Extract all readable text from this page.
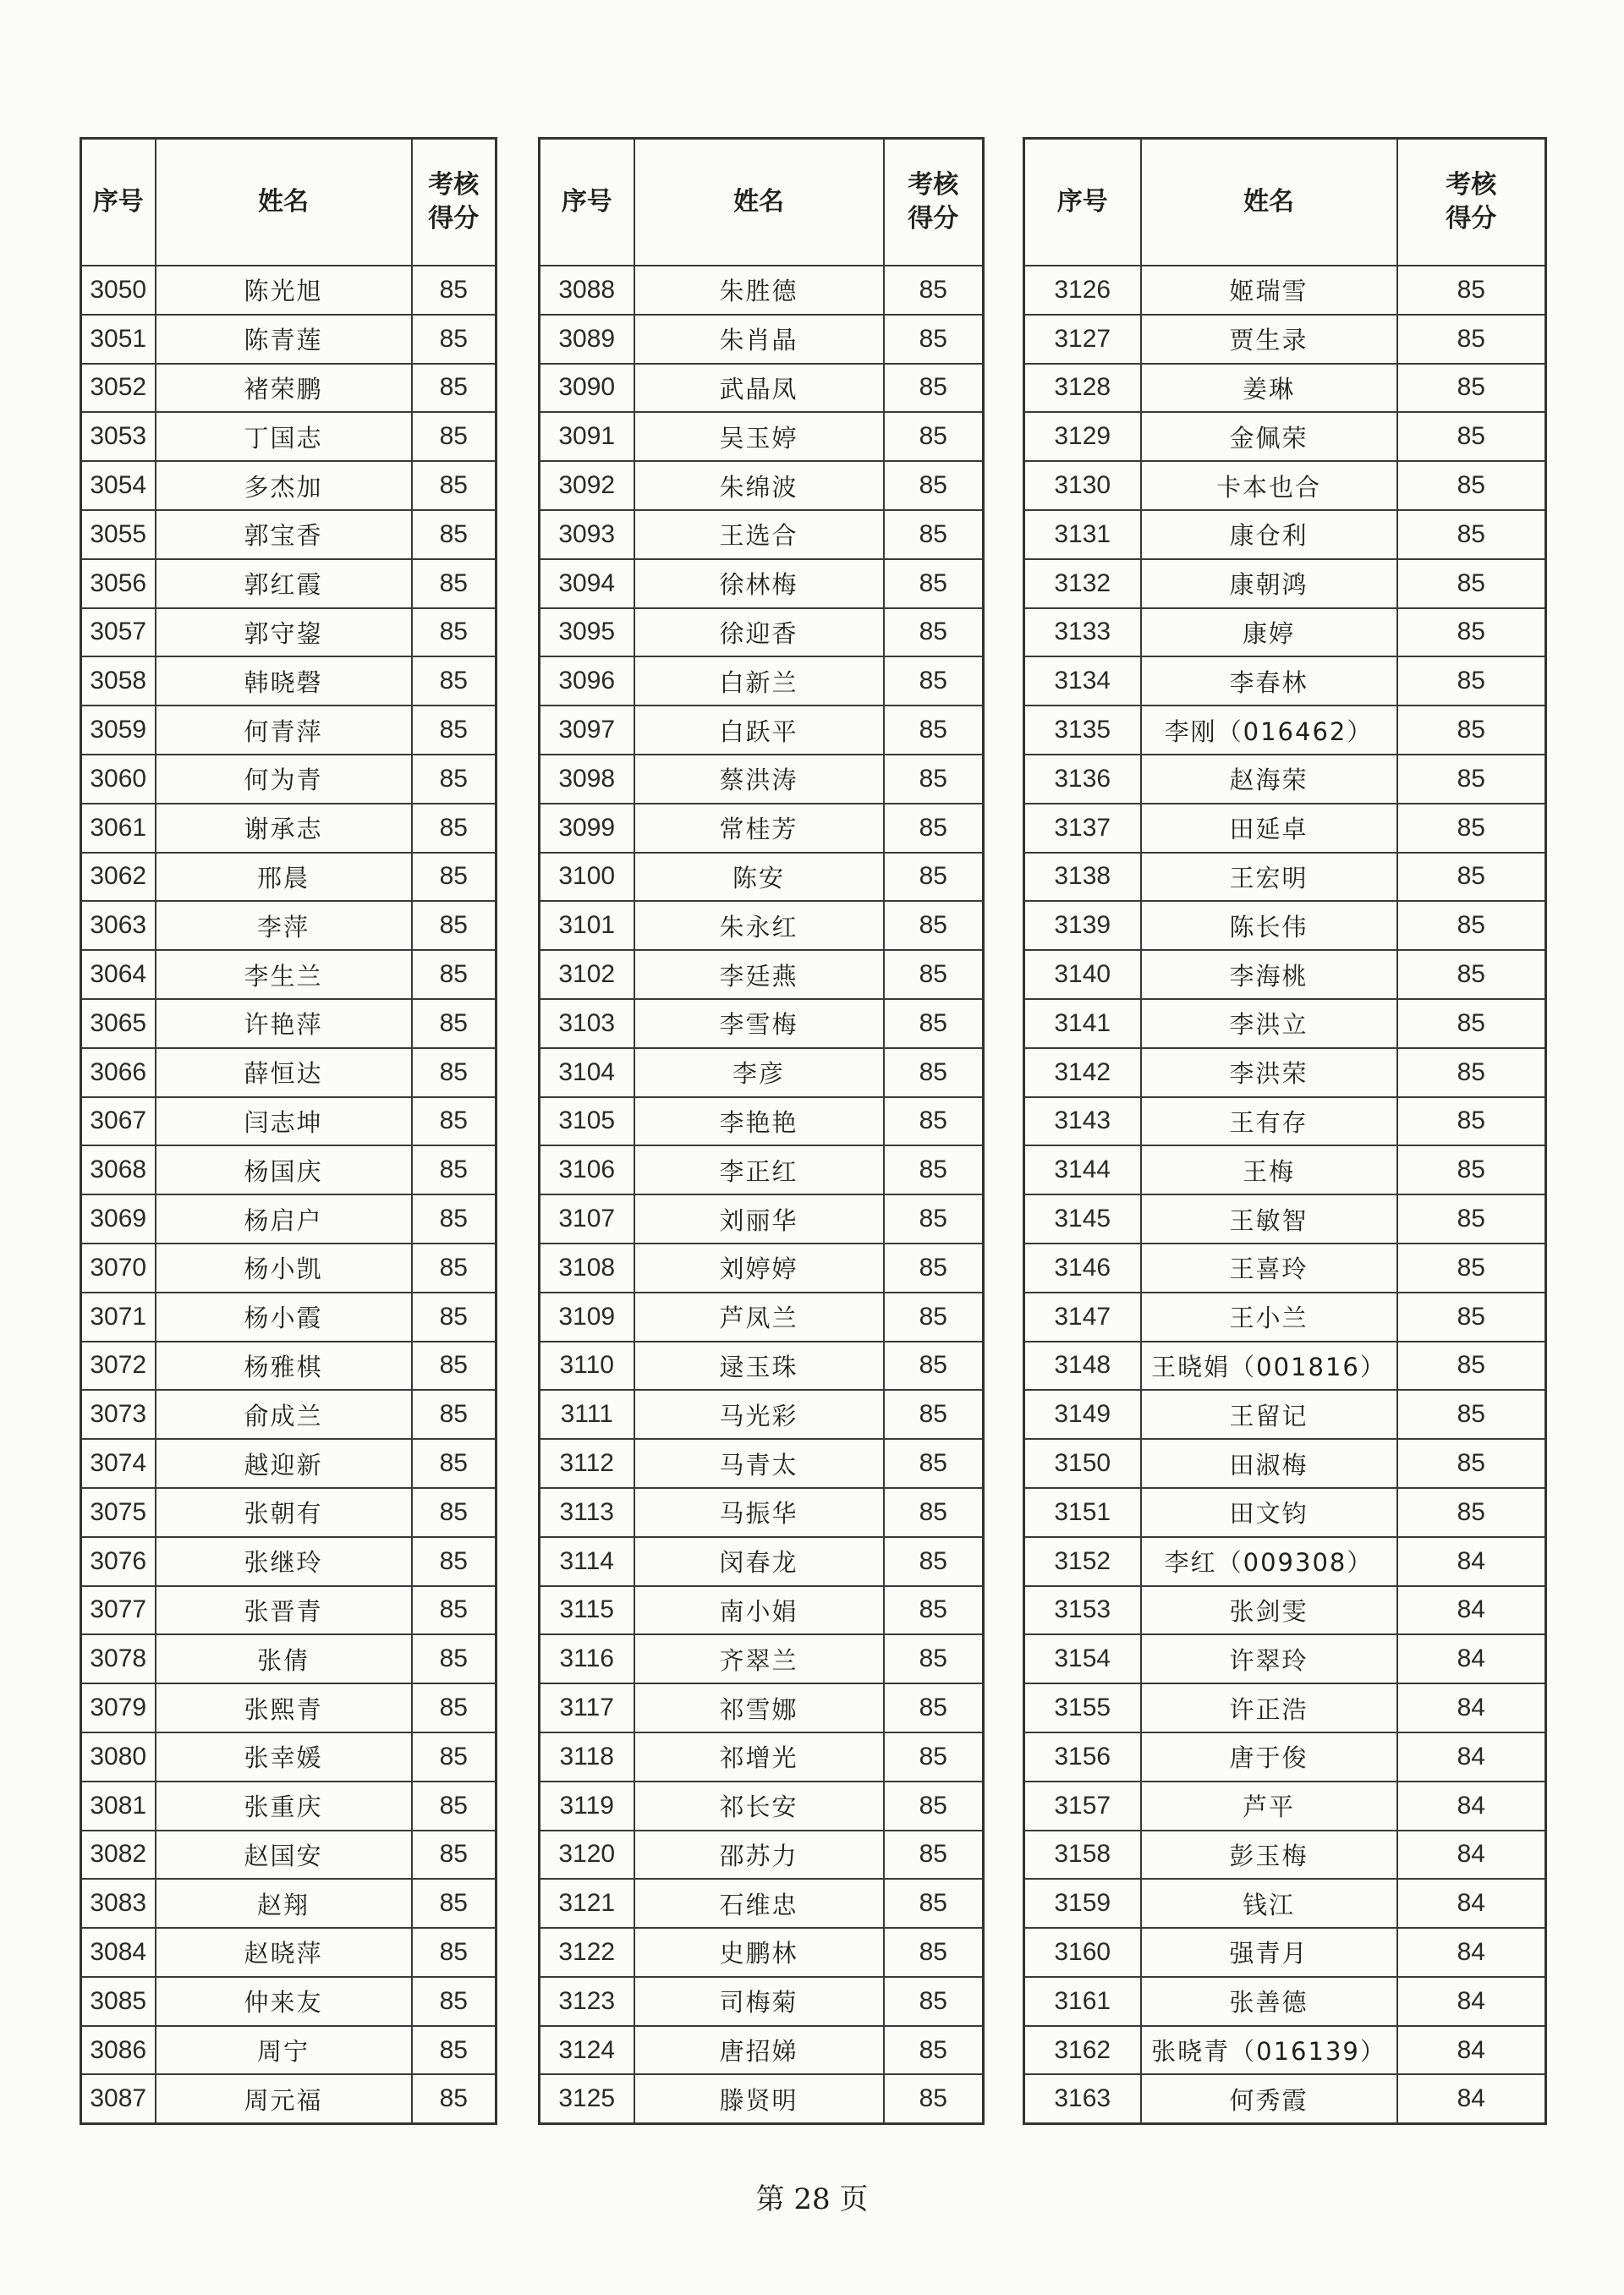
序号	姓名	考核
得分
3050	陈光旭	85
3051	陈青莲	85
3052	褚荣鹏	85
3053	丁国志	85
3054	多杰加	85
3055	郭宝香	85
3056	郭红霞	85
3057	郭守鋆	85
3058	韩晓磬	85
3059	何青萍	85
3060	何为青	85
3061	谢承志	85
3062	邢晨	85
3063	李萍	85
3064	李生兰	85
3065	许艳萍	85
3066	薛恒达	85
3067	闫志坤	85
3068	杨国庆	85
3069	杨启户	85
3070	杨小凯	85
3071	杨小霞	85
3072	杨雅棋	85
3073	俞成兰	85
3074	越迎新	85
3075	张朝有	85
3076	张继玲	85
3077	张晋青	85
3078	张倩	85
3079	张熙青	85
3080	张幸媛	85
3081	张重庆	85
3082	赵国安	85
3083	赵翔	85
3084	赵晓萍	85
3085	仲来友	85
3086	周宁	85
3087	周元福	85
序号	姓名	考核
得分
3088	朱胜德	85
3089	朱肖晶	85
3090	武晶凤	85
3091	吴玉婷	85
3092	朱绵波	85
3093	王选合	85
3094	徐林梅	85
3095	徐迎香	85
3096	白新兰	85
3097	白跃平	85
3098	蔡洪涛	85
3099	常桂芳	85
3100	陈安	85
3101	朱永红	85
3102	李廷燕	85
3103	李雪梅	85
3104	李彦	85
3105	李艳艳	85
3106	李正红	85
3107	刘丽华	85
3108	刘婷婷	85
3109	芦凤兰	85
3110	逯玉珠	85
3111	马光彩	85
3112	马青太	85
3113	马振华	85
3114	闵春龙	85
3115	南小娟	85
3116	齐翠兰	85
3117	祁雪娜	85
3118	祁增光	85
3119	祁长安	85
3120	邵苏力	85
3121	石维忠	85
3122	史鹏林	85
3123	司梅菊	85
3124	唐招娣	85
3125	滕贤明	85
序号	姓名	考核
得分
3126	姬瑞雪	85
3127	贾生录	85
3128	姜琳	85
3129	金佩荣	85
3130	卡本也合	85
3131	康仓利	85
3132	康朝鸿	85
3133	康婷	85
3134	李春林	85
3135	李刚（016462）	85
3136	赵海荣	85
3137	田延卓	85
3138	王宏明	85
3139	陈长伟	85
3140	李海桃	85
3141	李洪立	85
3142	李洪荣	85
3143	王有存	85
3144	王梅	85
3145	王敏智	85
3146	王喜玲	85
3147	王小兰	85
3148	王晓娟（001816）	85
3149	王留记	85
3150	田淑梅	85
3151	田文钧	85
3152	李红（009308）	84
3153	张剑雯	84
3154	许翠玲	84
3155	许正浩	84
3156	唐于俊	84
3157	芦平	84
3158	彭玉梅	84
3159	钱江	84
3160	强青月	84
3161	张善德	84
3162	张晓青（016139）	84
3163	何秀霞	84
第 28 页
